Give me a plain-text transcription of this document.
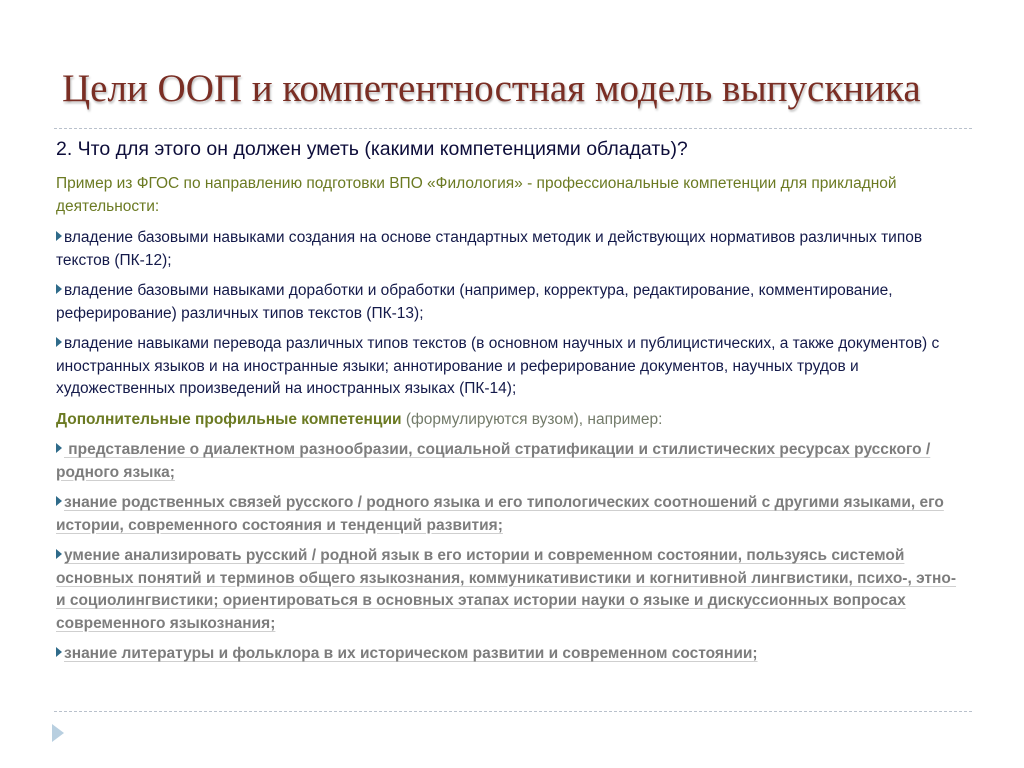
Цели ООП и компетентностная модель выпускника
2. Что для этого он должен уметь (какими компетенциями обладать)?
Пример из ФГОС по направлению подготовки ВПО «Филология» - профессиональные компетенции для прикладной деятельности:
владение базовыми навыками создания на основе стандартных методик и действующих нормативов различных типов текстов (ПК-12);
владение базовыми навыками доработки и обработки (например, корректура, редактирование, комментирование, реферирование) различных типов текстов (ПК-13);
владение навыками перевода различных типов текстов (в основном научных и публицистических, а также документов) с иностранных языков и на иностранные языки; аннотирование и реферирование документов, научных трудов и художественных произведений на иностранных языках (ПК-14);
Дополнительные профильные компетенции (формулируются вузом), например:
представление о диалектном разнообразии, социальной стратификации и стилистических ресурсах русского / родного языка;
знание родственных связей русского / родного языка и его типологических соотношений с другими языками, его истории, современного состояния и тенденций развития;
умение анализировать русский / родной язык в его истории и современном состоянии, пользуясь системой основных понятий и терминов общего языкознания, коммуникативистики и когнитивной лингвистики, психо-, этно- и социолингвистики; ориентироваться в основных этапах истории науки о языке и дискуссионных вопросах современного языкознания;
знание литературы и фольклора в их историческом развитии и современном состоянии;
